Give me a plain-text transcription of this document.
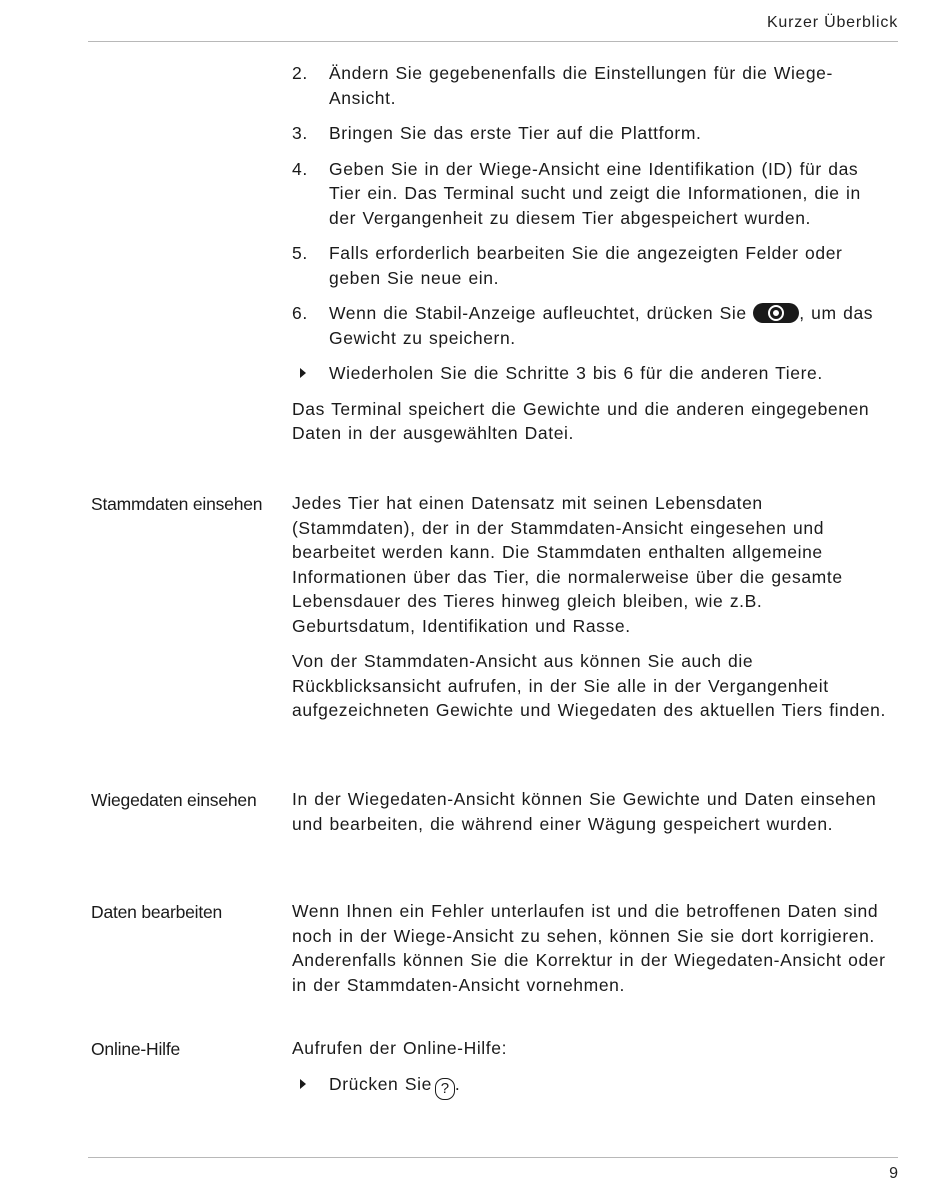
Kurzer Überblick
2. Ändern Sie gegebenenfalls die Einstellungen für die Wiege-Ansicht.
3. Bringen Sie das erste Tier auf die Plattform.
4. Geben Sie in der Wiege-Ansicht eine Identifikation (ID) für das Tier ein. Das Terminal sucht und zeigt die Informationen, die in der Vergangenheit zu diesem Tier abgespeichert wurden.
5. Falls erforderlich bearbeiten Sie die angezeigten Felder oder geben Sie neue ein.
6. Wenn die Stabil-Anzeige aufleuchtet, drücken Sie	, um das Gewicht zu speichern.
Wiederholen Sie die Schritte 3 bis 6 für die anderen Tiere.
Das Terminal speichert die Gewichte und die anderen eingegebenen Daten in der ausgewählten Datei.
Stammdaten einsehen	Jedes Tier hat einen Datensatz mit seinen Lebensdaten (Stammdaten), der in der Stammdaten-Ansicht eingesehen und bearbeitet werden kann. Die Stammdaten enthalten allgemeine Informationen über das Tier, die normalerweise über die gesamte Lebensdauer des Tieres hinweg gleich bleiben, wie z.B. Geburtsdatum, Identifikation und Rasse.
Von der Stammdaten-Ansicht aus können Sie auch die Rückblicksansicht aufrufen, in der Sie alle in der Vergangenheit aufgezeichneten Gewichte und Wiegedaten des aktuellen Tiers finden.
Wiegedaten einsehen	In der Wiegedaten-Ansicht können Sie Gewichte und Daten einsehen und bearbeiten, die während einer Wägung gespeichert wurden.
Daten bearbeiten	Wenn Ihnen ein Fehler unterlaufen ist und die betroffenen Daten sind noch in der Wiege-Ansicht zu sehen, können Sie sie dort korrigieren. Anderenfalls können Sie die Korrektur in der Wiegedaten-Ansicht oder in der Stammdaten-Ansicht vornehmen.
Online-Hilfe	Aufrufen der Online-Hilfe:
Drücken Sie ? .
9
